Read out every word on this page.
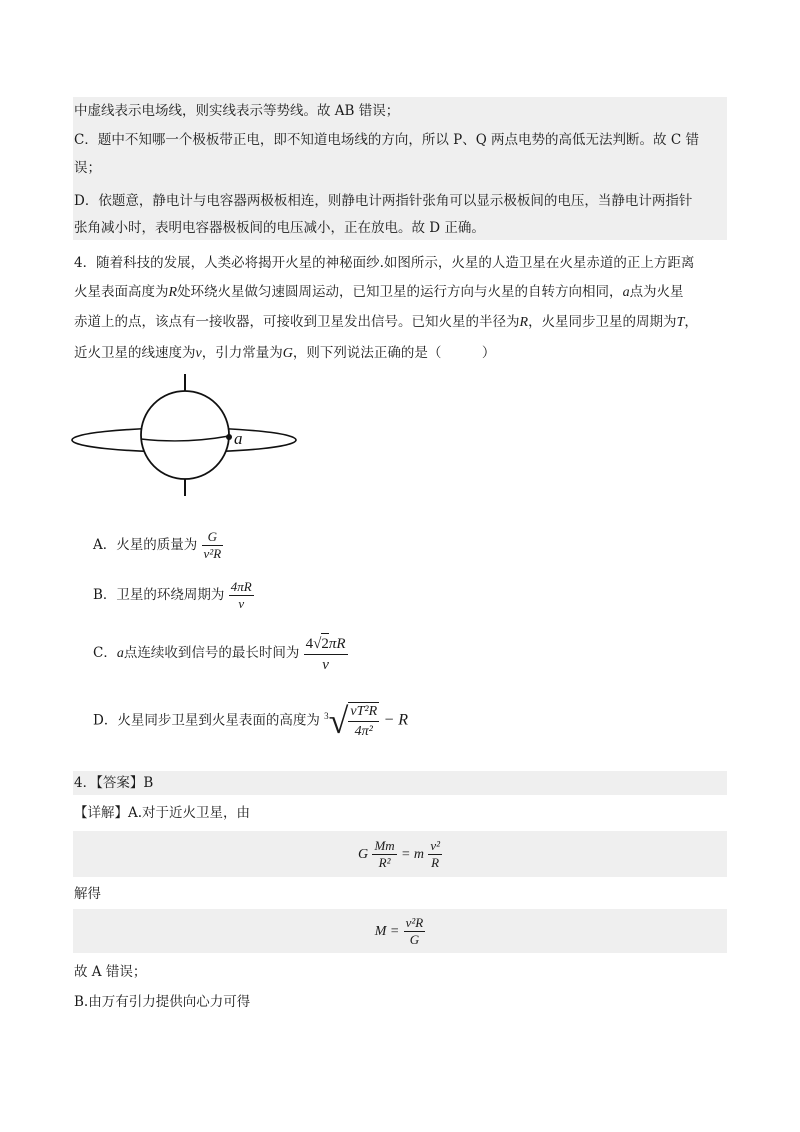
中虚线表示电场线，则实线表示等势线。故 AB 错误；
C．题中不知哪一个极板带正电，即不知道电场线的方向，所以 P、Q 两点电势的高低无法判断。故 C 错
误；
D．依题意，静电计与电容器两极板相连，则静电计两指针张角可以显示极板间的电压，当静电计两指针
张角减小时，表明电容器极板间的电压减小，正在放电。故 D 正确。
4．随着科技的发展，人类必将揭开火星的神秘面纱.如图所示，火星的人造卫星在火星赤道的正上方距离
火星表面高度为R处环绕火星做匀速圆周运动，已知卫星的运行方向与火星的自转方向相同，a点为火星
赤道上的点，该点有一接收器，可接收到卫星发出信号。已知火星的半径为R，火星同步卫星的周期为T，
近火卫星的线速度为v，引力常量为G，则下列说法正确的是（　　　）
a
A．火星的质量为 $\frac{G}{\text{v²R}}$
B．卫星的环绕周期为 $\frac{4\pi R}{v}$
C．a点连续收到信号的最长时间为 $\frac{4√2\pi R}{v}$
D．火星同步卫星到火星表面的高度为 $^3√ \frac{\text{vT²R}}{\text{4π²}} - R$
4．【答案】B
【详解】A.对于近火卫星，由
G $\frac{Mm}{\text{R²}} = m \frac{\text{v²}}{R}$
解得
$M = \frac{\text{v²R}}{G}$
故 A 错误；
B.由万有引力提供向心力可得
